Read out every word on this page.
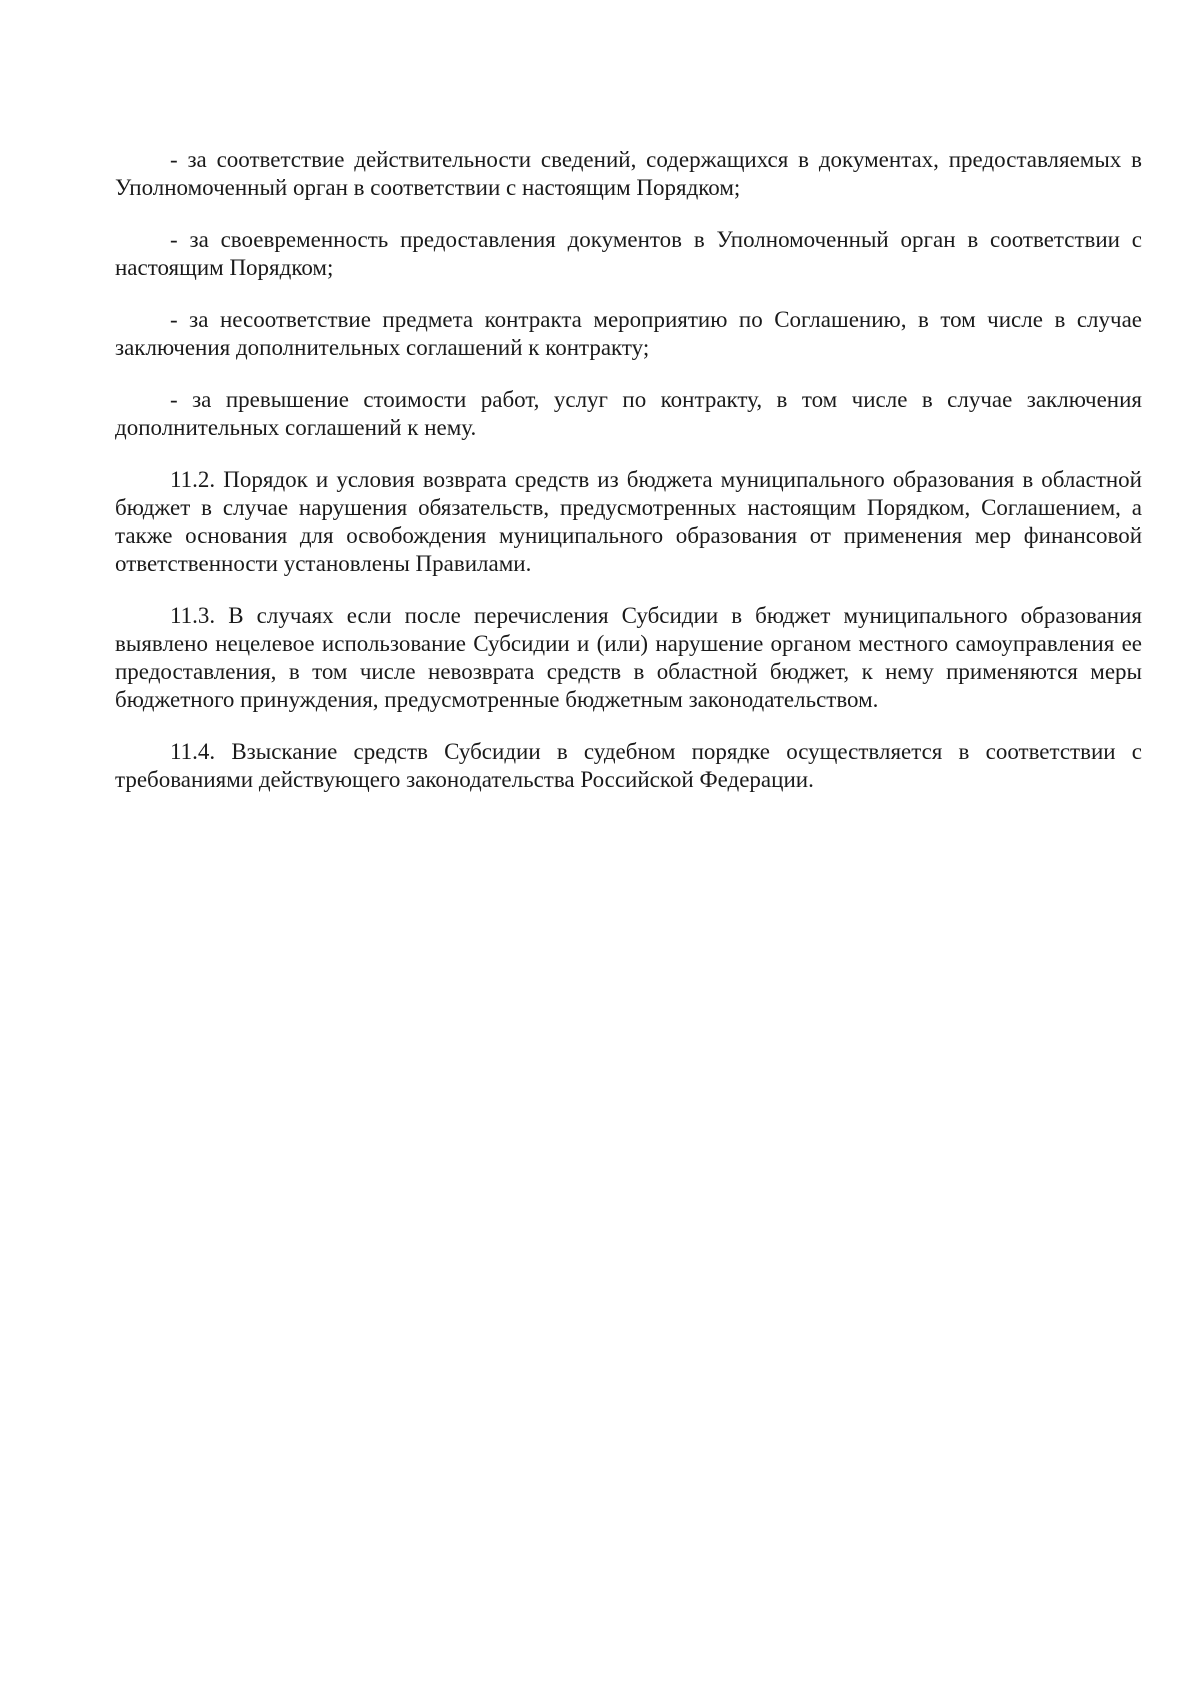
- за соответствие действительности сведений, содержащихся в документах, предоставляемых в Уполномоченный орган в соответствии с настоящим Порядком;

- за своевременность предоставления документов в Уполномоченный орган в соответствии с настоящим Порядком;

- за несоответствие предмета контракта мероприятию по Соглашению, в том числе в случае заключения дополнительных соглашений к контракту;

- за превышение стоимости работ, услуг по контракту, в том числе в случае заключения дополнительных соглашений к нему.

11.2. Порядок и условия возврата средств из бюджета муниципального образования в областной бюджет в случае нарушения обязательств, предусмотренных настоящим Порядком, Соглашением, а также основания для освобождения муниципального образования от применения мер финансовой ответственности установлены Правилами.

11.3. В случаях если после перечисления Субсидии в бюджет муниципального образования выявлено нецелевое использование Субсидии и (или) нарушение органом местного самоуправления ее предоставления, в том числе невозврата средств в областной бюджет, к нему применяются меры бюджетного принуждения, предусмотренные бюджетным законодательством.

11.4. Взыскание средств Субсидии в судебном порядке осуществляется в соответствии с требованиями действующего законодательства Российской Федерации.
